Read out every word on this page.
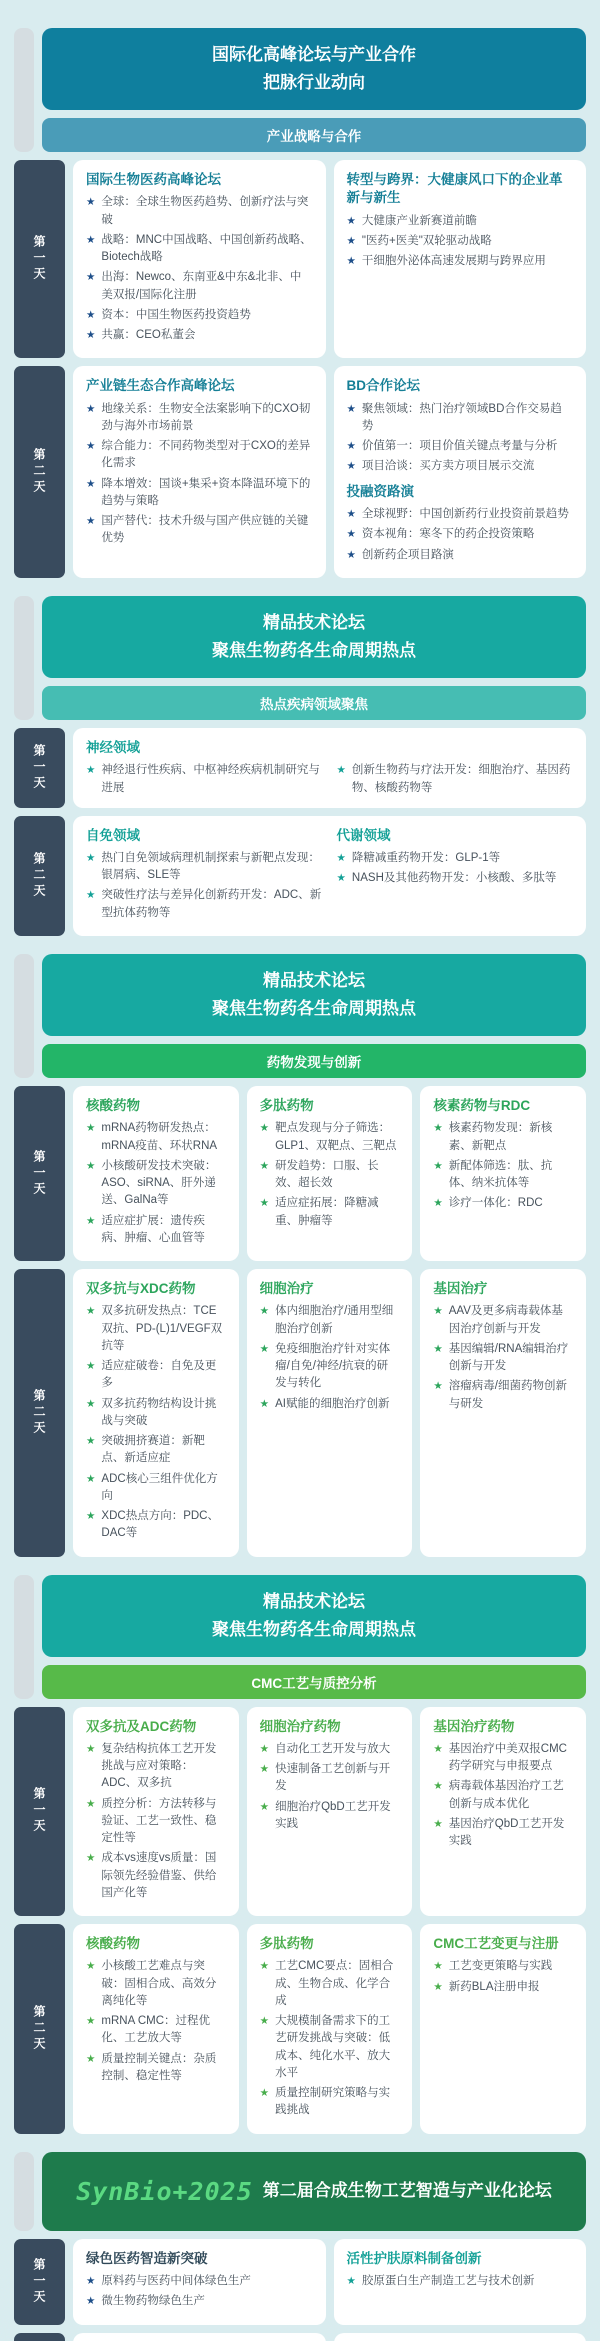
国际化高峰论坛与产业合作
把脉行业动向
产业战略与合作
第一天
国际生物医药高峰论坛
★ 全球：全球生物医药趋势、创新疗法与突破
★ 战略：MNC中国战略、中国创新药战略、Biotech战略
★ 出海：Newco、东南亚&中东&北非、中美双报/国际化注册
★ 资本：中国生物医药投资趋势
★ 共赢：CEO私董会
转型与跨界：大健康风口下的企业革新与新生
★ 大健康产业新赛道前瞻
★ "医药+医美"双轮驱动战略
★ 干细胞外泌体高速发展期与跨界应用
第二天
产业链生态合作高峰论坛
★ 地缘关系：生物安全法案影响下的CXO韧劲与海外市场前景
★ 综合能力：不同药物类型对于CXO的差异化需求
★ 降本增效：国谈+集采+资本降温环境下的趋势与策略
★ 国产替代：技术升级与国产供应链的关键优势
BD合作论坛
★ 聚焦领域：热门治疗领域BD合作交易趋势
★ 价值第一：项目价值关键点考量与分析
★ 项目洽谈：买方卖方项目展示交流
投融资路演
★ 全球视野：中国创新药行业投资前景趋势
★ 资本视角：寒冬下的药企投资策略
★ 创新药企项目路演
精品技术论坛
聚焦生物药各生命周期热点
热点疾病领域聚焦
第一天	神经领域
★ 神经退行性疾病、中枢神经疾病机制研究与进展
★ 创新生物药与疗法开发：细胞治疗、基因药物、核酸药物等
第二天
自免领域
★ 热门自免领域病理机制探索与新靶点发现：银屑病、SLE等
★ 突破性疗法与差异化创新药开发：ADC、新型抗体药物等
代谢领域
★ 降糖减重药物开发：GLP-1等
★ NASH及其他药物开发：小核酸、多肽等
精品技术论坛
聚焦生物药各生命周期热点
药物发现与创新
第一天
核酸药物
★ mRNA药物研发热点：mRNA疫苗、环状RNA
★ 小核酸研发技术突破：ASO、siRNA、肝外递送、GalNa等
★ 适应症扩展：遗传疾病、肿瘤、心血管等
多肽药物
★ 靶点发现与分子筛选：GLP1、双靶点、三靶点
★ 研发趋势：口服、长效、超长效
★ 适应症拓展：降糖减重、肿瘤等
核素药物与RDC
★ 核素药物发现：新核素、新靶点
★ 新配体筛选：肽、抗体、纳米抗体等
★ 诊疗一体化：RDC
第二天
双多抗与XDC药物
★ 双多抗研发热点：TCE双抗、PD-(L)1/VEGF双抗等
★ 适应症破卷：自免及更多
★ 双多抗药物结构设计挑战与突破
★ 突破拥挤赛道：新靶点、新适应症
★ ADC核心三组件优化方向
★ XDC热点方向：PDC、DAC等
细胞治疗
★ 体内细胞治疗/通用型细胞治疗创新
★ 免疫细胞治疗针对实体瘤/自免/神经/抗衰的研发与转化
★ AI赋能的细胞治疗创新
基因治疗
★ AAV及更多病毒载体基因治疗创新与开发
★ 基因编辑/RNA编辑治疗创新与开发
★ 溶瘤病毒/细菌药物创新与研发
精品技术论坛
聚焦生物药各生命周期热点
CMC工艺与质控分析
第一天
双多抗及ADC药物
★ 复杂结构抗体工艺开发挑战与应对策略：ADC、双多抗
★ 质控分析：方法转移与验证、工艺一致性、稳定性等
★ 成本vs速度vs质量：国际领先经验借鉴、供给国产化等
细胞治疗药物
★ 自动化工艺开发与放大
★ 快速制备工艺创新与开发
★ 细胞治疗QbD工艺开发实践
基因治疗药物
★ 基因治疗中美双报CMC药学研究与申报要点
★ 病毒载体基因治疗工艺创新与成本优化
★ 基因治疗QbD工艺开发实践
第二天
核酸药物
★ 小核酸工艺难点与突破：固相合成、高效分离纯化等
★ mRNA CMC：过程优化、工艺放大等
★ 质量控制关键点：杂质控制、稳定性等
多肽药物
★ 工艺CMC要点：固相合成、生物合成、化学合成
★ 大规模制备需求下的工艺研发挑战与突破：低成本、纯化水平、放大水平
★ 质量控制研究策略与实践挑战
CMC工艺变更与注册
★ 工艺变更策略与实践
★ 新药BLA注册申报
SynBio+2025 第二届合成生物工艺智造与产业化论坛
第一天	绿色医药智造新突破
★ 原料药与医药中间体绿色生产
★ 微生物药物绿色生产
活性护肤原料制备创新
★ 胶原蛋白生产制造工艺与技术创新
